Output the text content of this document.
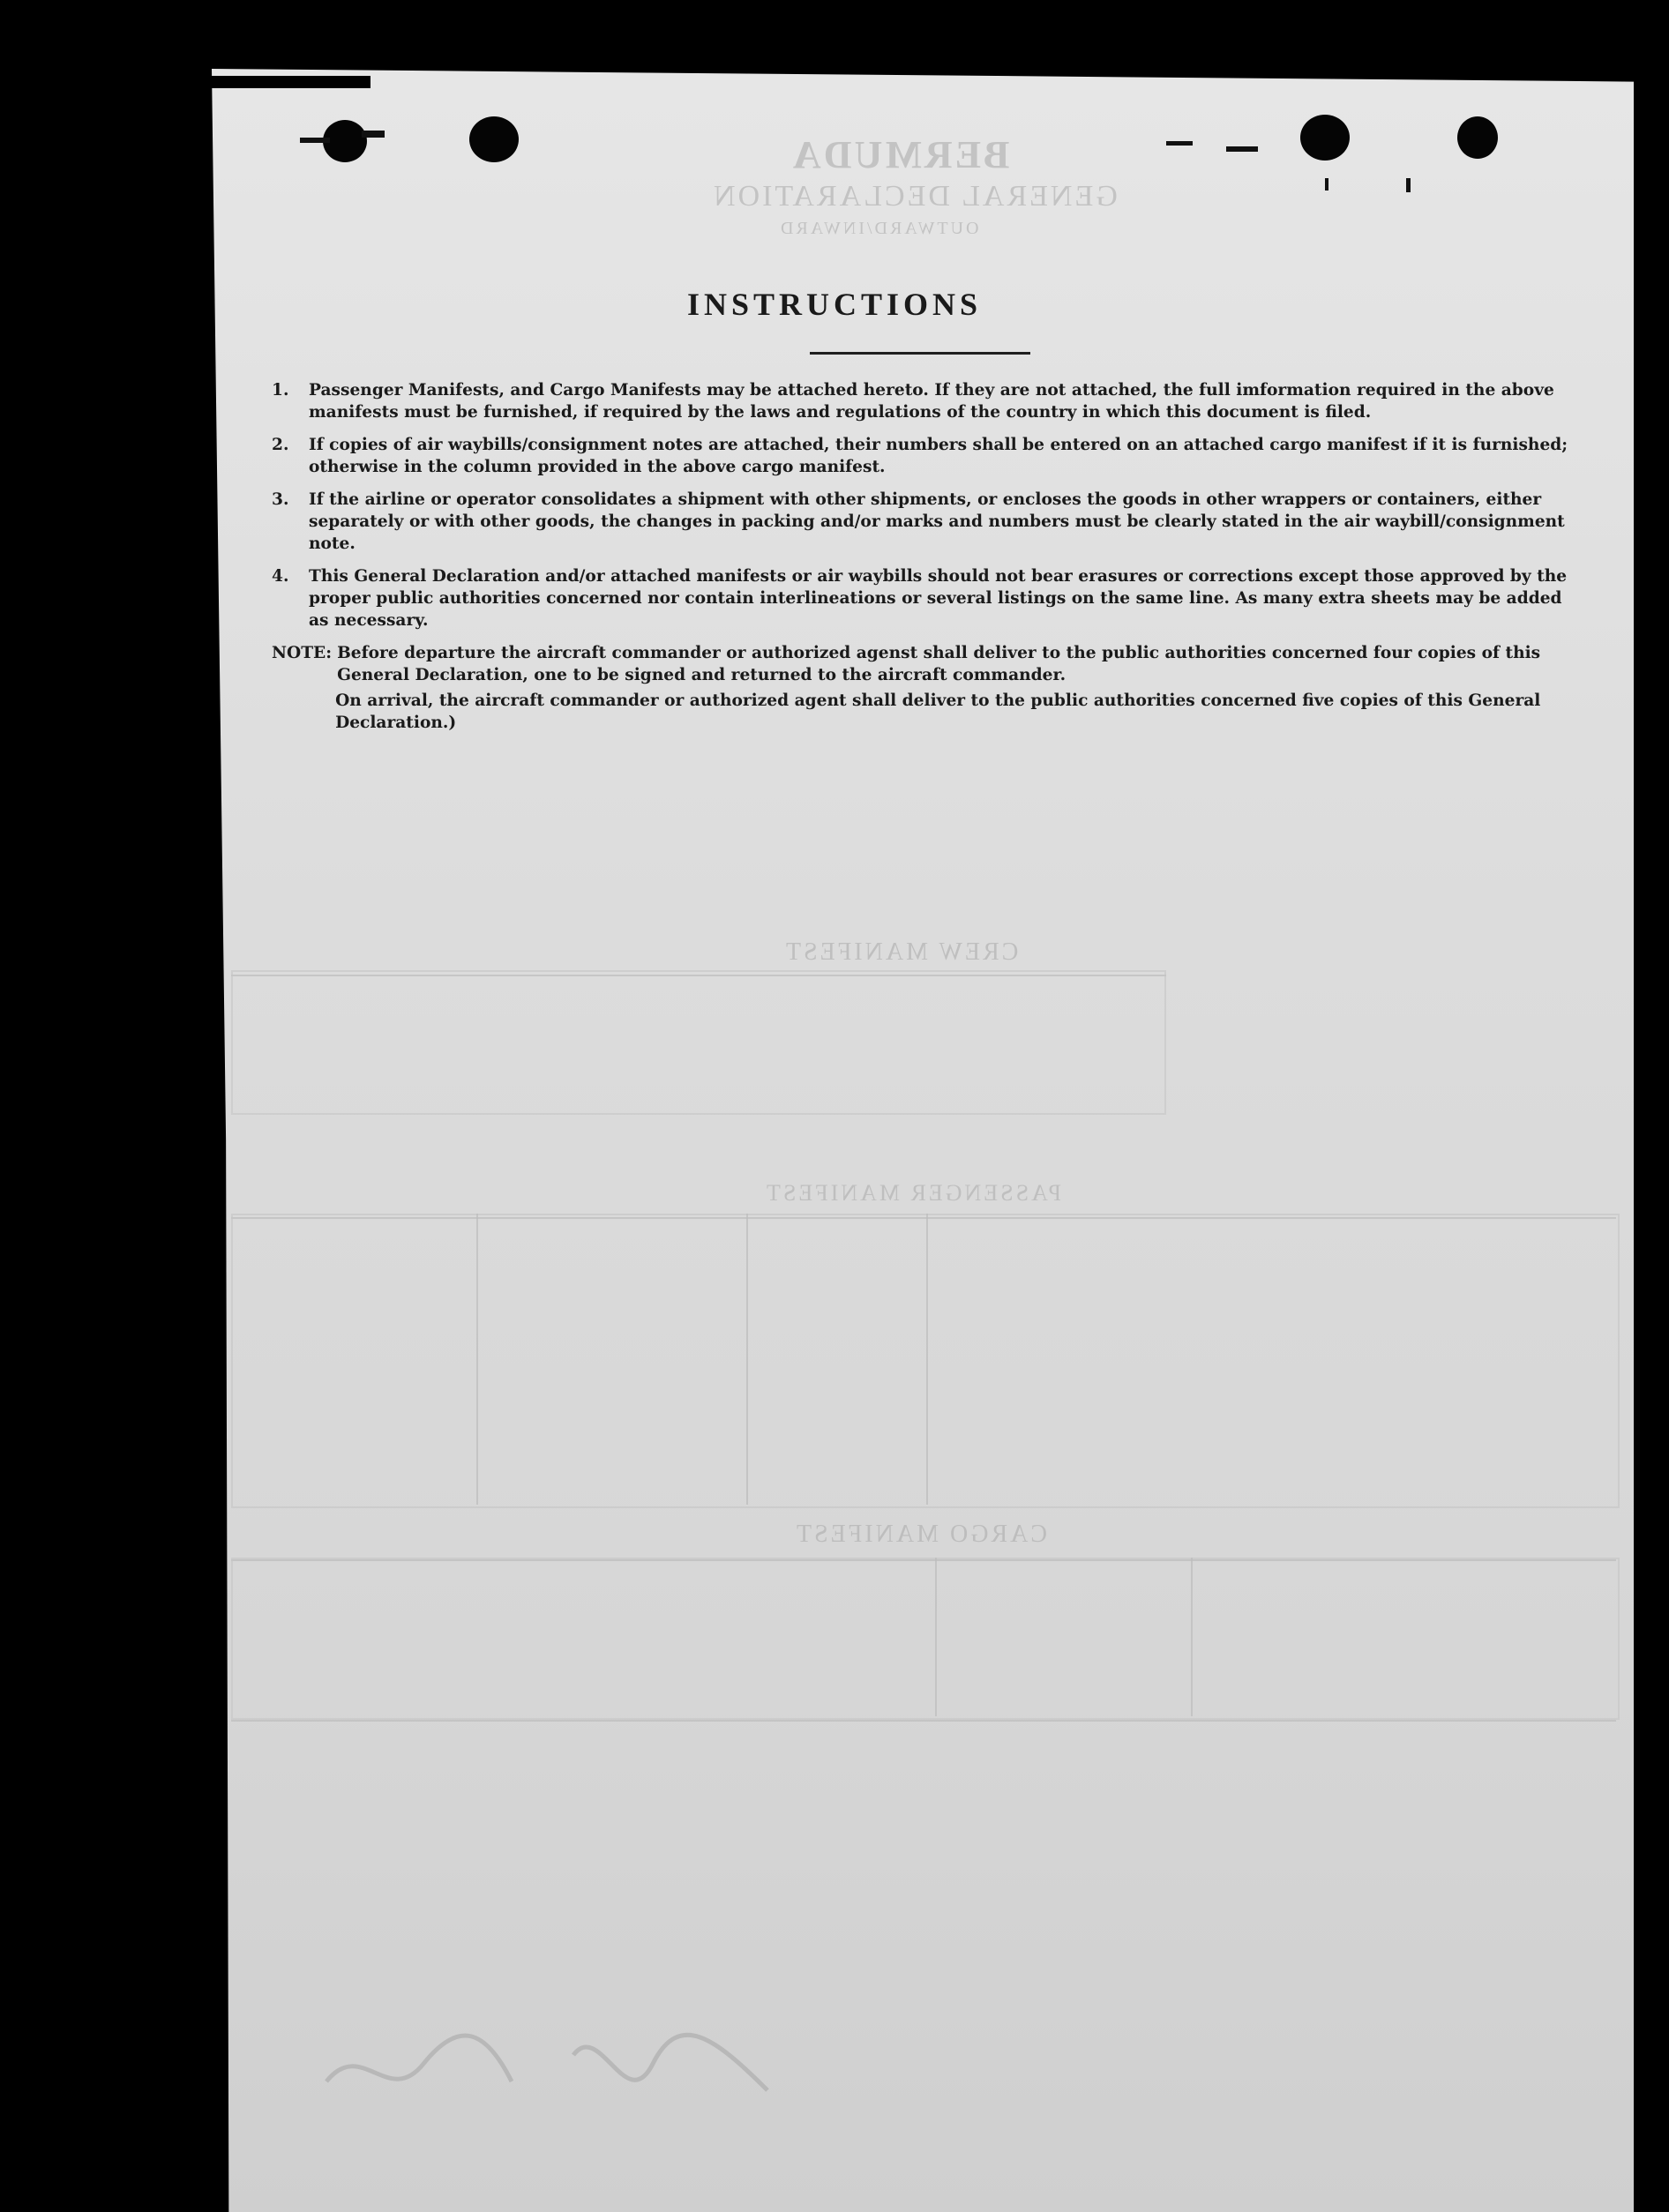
BERMUDA
GENERAL DECLARATION
OUTWARD/INWARD
CREW MANIFEST
PASSENGER MANIFEST
CARGO MANIFEST
INSTRUCTIONS
1.	Passenger Manifests, and Cargo Manifests may be attached hereto. If they are not attached, the full imformation required in the above manifests must be furnished, if required by the laws and regulations of the country in which this document is filed.
2.	If copies of air waybills/consignment notes are attached, their numbers shall be entered on an attached cargo manifest if it is furnished; otherwise in the column provided in the above cargo manifest.
3.	If the airline or operator consolidates a shipment with other shipments, or encloses the goods in other wrappers or containers, either separately or with other goods, the changes in packing and/or marks and numbers must be clearly stated in the air waybill/consignment note.
4.	This General Declaration and/or attached manifests or air waybills should not bear erasures or corrections except those approved by the proper public authorities concerned nor contain interlineations or several listings on the same line. As many extra sheets may be added as necessary.
NOTE: Before departure the aircraft commander or authorized agenst shall deliver to the public authorities concerned four copies of this General Declaration, one to be signed and returned to the aircraft commander.

On arrival, the aircraft commander or authorized agent shall deliver to the public authorities concerned five copies of this General Declaration.)
